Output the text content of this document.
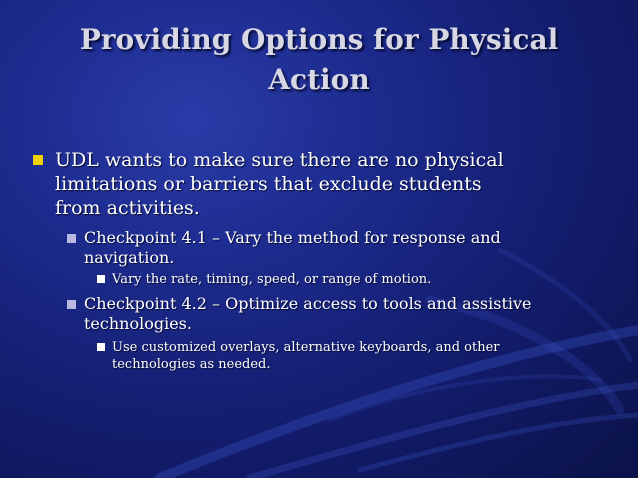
Providing Options for Physical Action

UDL wants to make sure there are no physical limitations or barriers that exclude students from activities.

Checkpoint 4.1 – Vary the method for response and navigation.

Vary the rate, timing, speed, or range of motion.

Checkpoint 4.2 – Optimize access to tools and assistive technologies.

Use customized overlays, alternative keyboards, and other technologies as needed.
